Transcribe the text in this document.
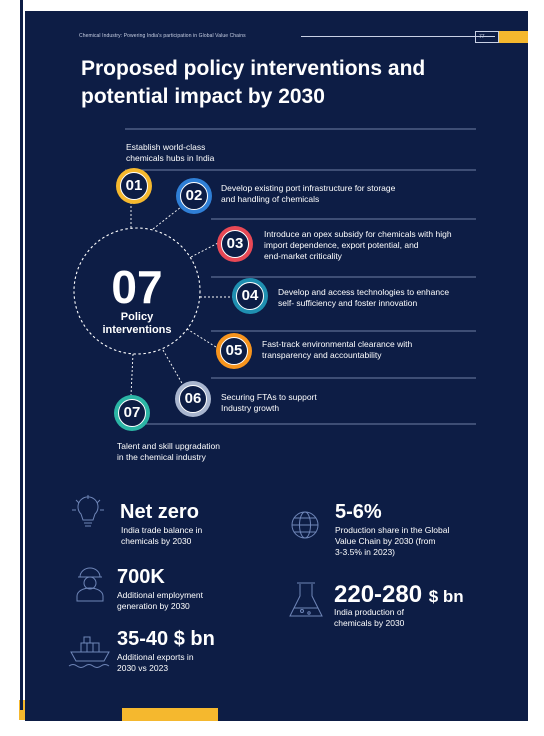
Chemical Industry: Powering India's participation in Global Value Chains	77
Proposed policy interventions and
potential impact by 2030
07
Policy
interventions
01
02
03
04
05
06
07
Establish world-class
chemicals hubs in India
Develop existing port infrastructure for storage
and handling of chemicals
Introduce an opex subsidy for chemicals with high
import dependence, export potential, and
end-market criticality
Develop and access technologies to enhance
self- sufficiency and foster innovation
Fast-track environmental clearance with
transparency and accountability
Securing FTAs to support
Industry growth
Talent and skill upgradation
in the chemical industry
Net zero
India trade balance in
chemicals by 2030
5-6%
Production share in the Global
Value Chain by 2030 (from
3-3.5% in 2023)
700K
Additional employment
generation by 2030	220-280 $ bn
India production of
chemicals by 2030
35-40 $ bn
Additional exports in
2030 vs 2023
